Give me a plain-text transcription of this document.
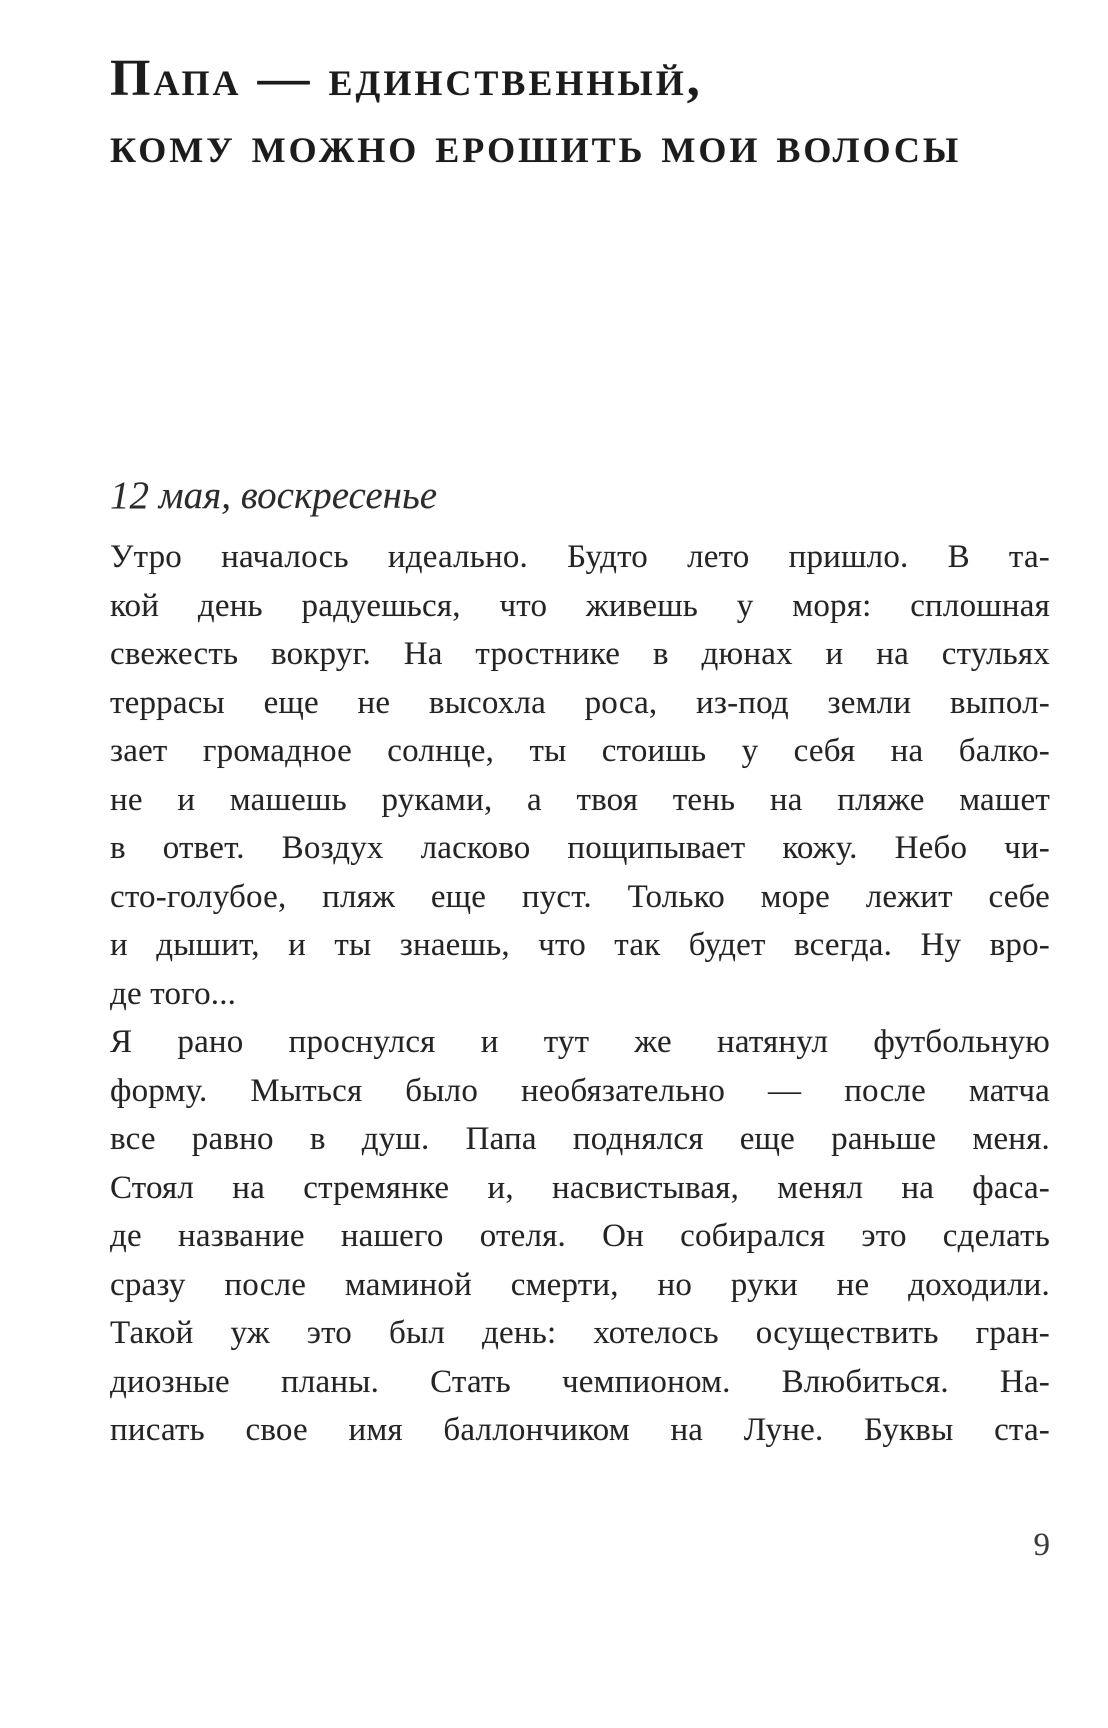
Папа — единственный,
кому можно ерошить мои волосы
12 мая, воскресенье
Утро началось идеально. Будто лето пришло. В та-
кой день радуешься, что живешь у моря: сплошная
свежесть вокруг. На тростнике в дюнах и на стульях
террасы еще не высохла роса, из-под земли выпол-
зает громадное солнце, ты стоишь у себя на балко-
не и машешь руками, а твоя тень на пляже машет
в ответ. Воздух ласково пощипывает кожу. Небо чи-
сто-голубое, пляж еще пуст. Только море лежит себе
и дышит, и ты знаешь, что так будет всегда. Ну вро-
де того...
Я рано проснулся и тут же натянул футбольную
форму. Мыться было необязательно — после матча
все равно в душ. Папа поднялся еще раньше меня.
Стоял на стремянке и, насвистывая, менял на фаса-
де название нашего отеля. Он собирался это сделать
сразу после маминой смерти, но руки не доходили.
Такой уж это был день: хотелось осуществить гран-
диозные планы. Стать чемпионом. Влюбиться. На-
писать свое имя баллончиком на Луне. Буквы ста-
9
